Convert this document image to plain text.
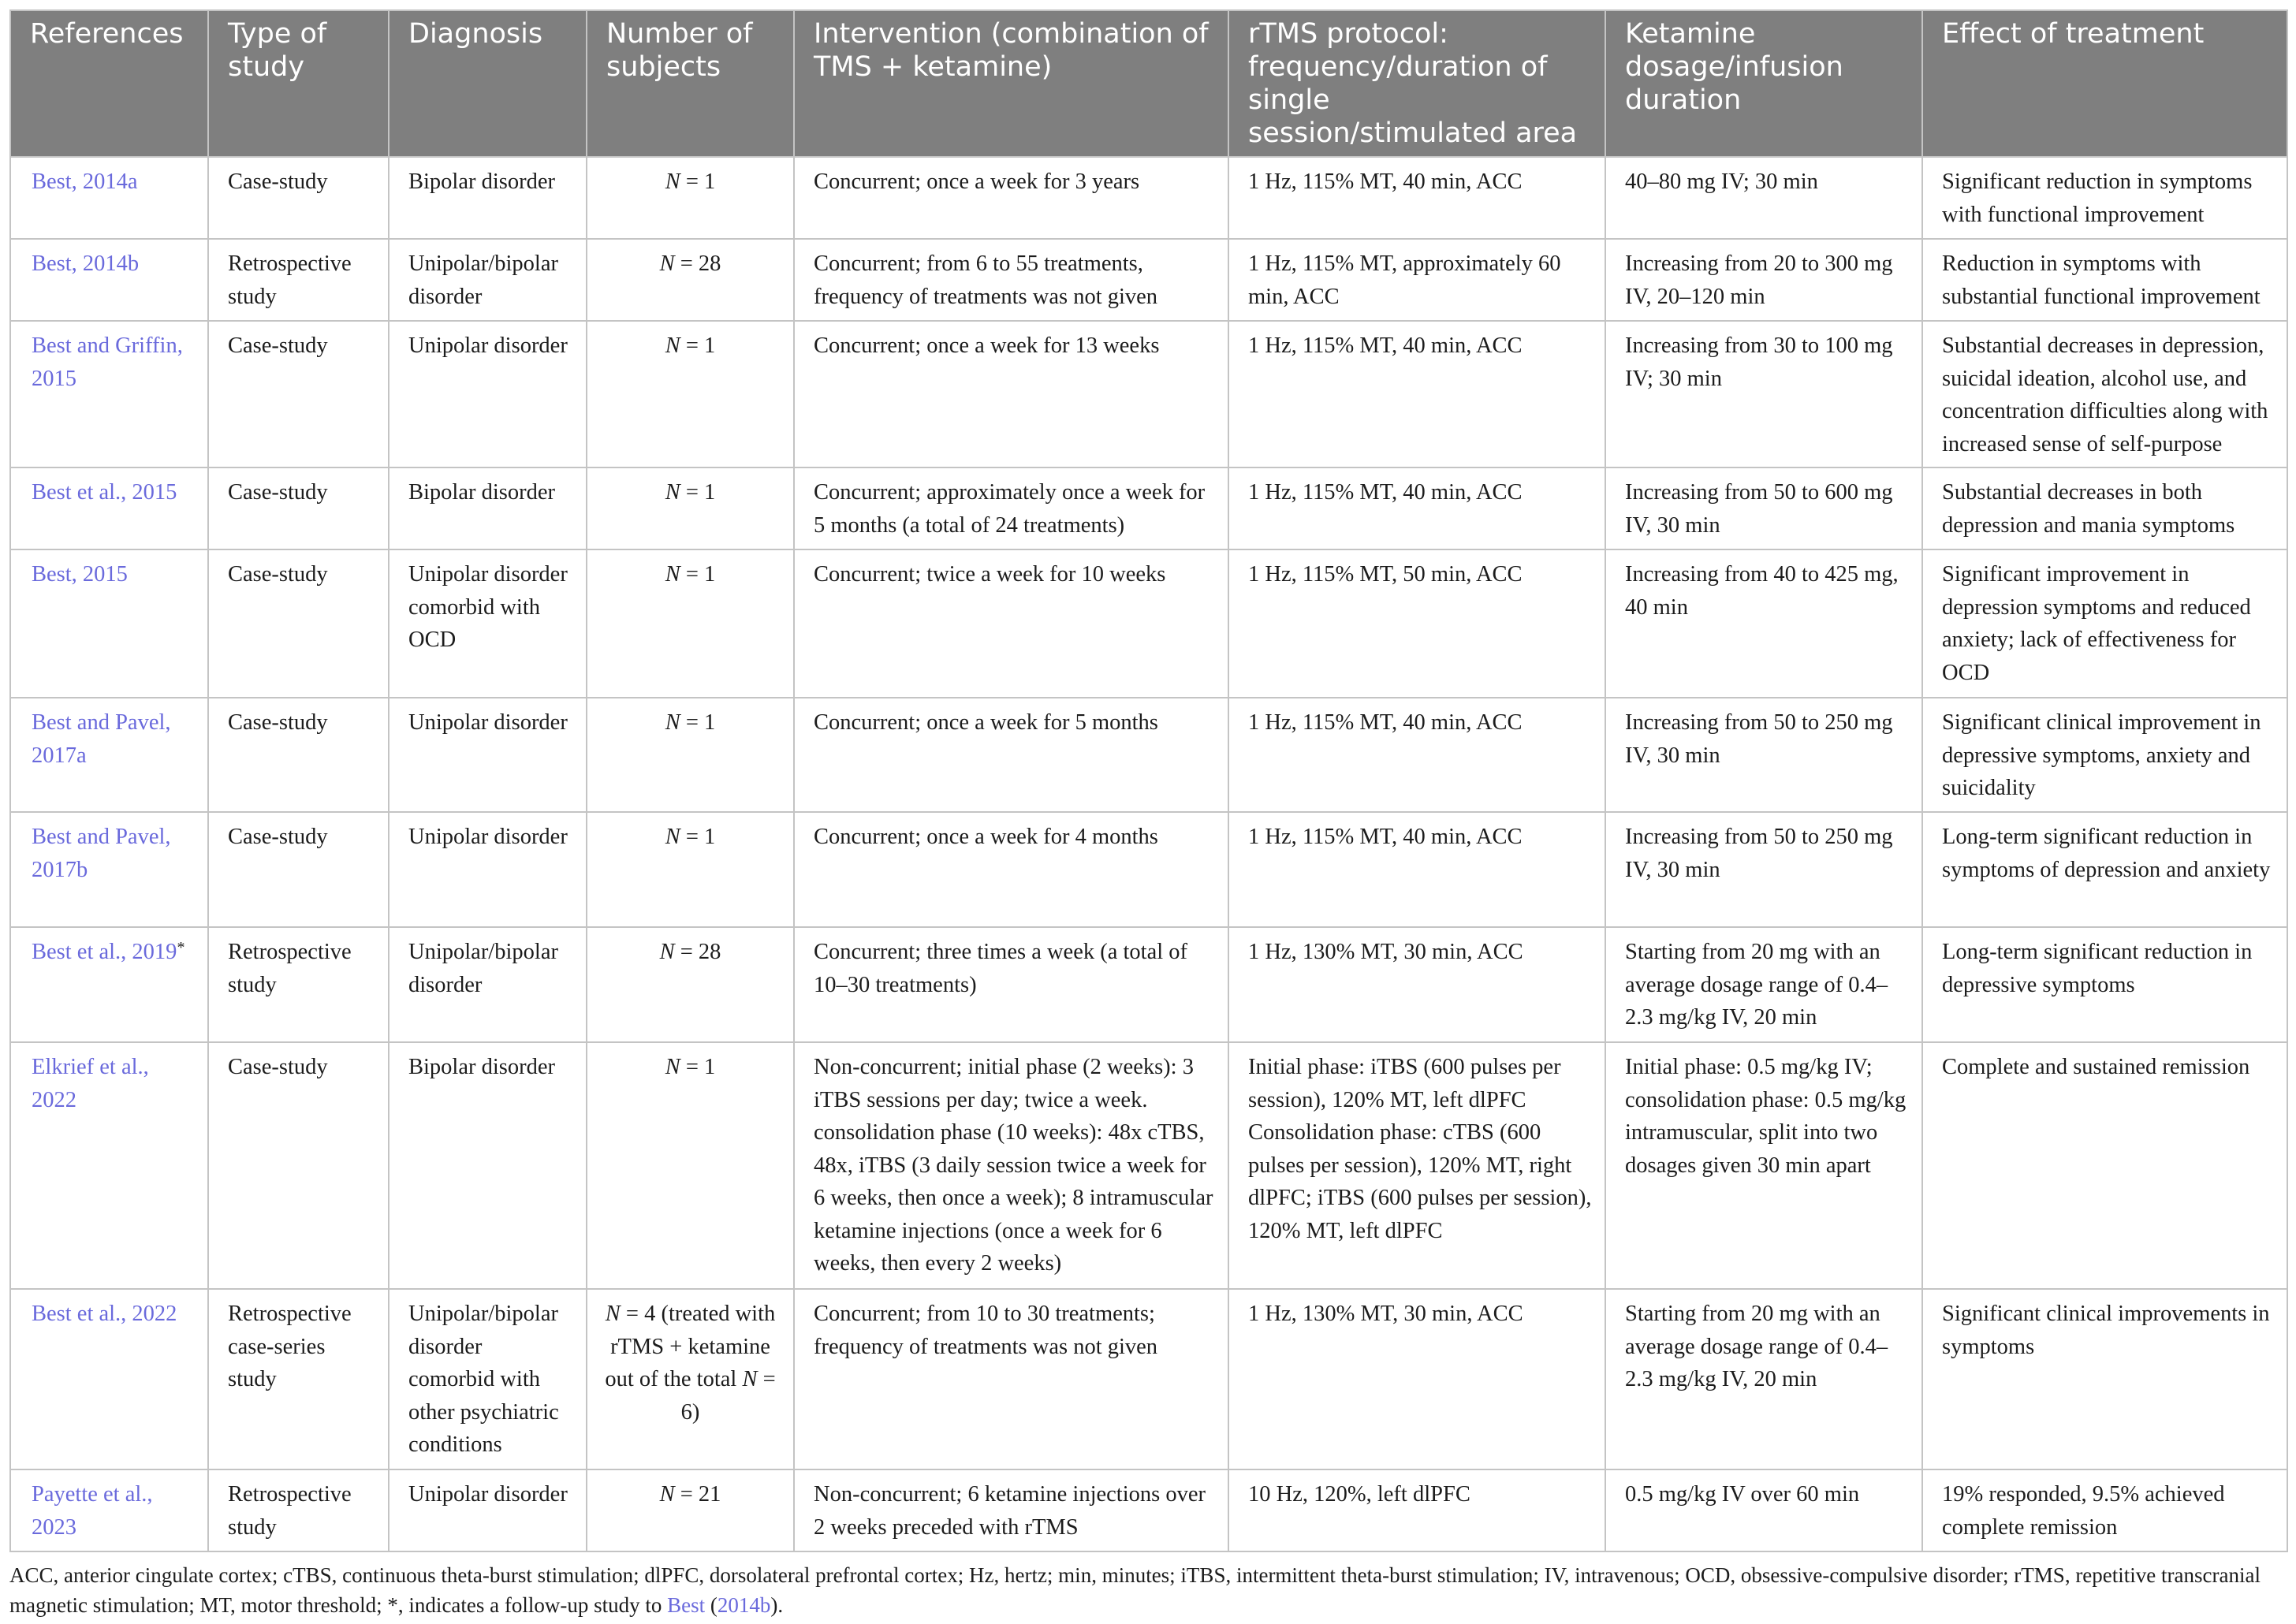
References	Type of study	Diagnosis	Number of subjects	Intervention (combination of TMS + ketamine)	rTMS protocol: frequency/duration of single session/stimulated area	Ketamine dosage/infusion duration	Effect of treatment
Best, 2014a	Case-study	Bipolar disorder	N = 1	Concurrent; once a week for 3 years	1 Hz, 115% MT, 40 min, ACC	40–80 mg IV; 30 min	Significant reduction in symptoms with functional improvement
Best, 2014b	Retrospective study	Unipolar/bipolar disorder	N = 28	Concurrent; from 6 to 55 treatments, frequency of treatments was not given	1 Hz, 115% MT, approximately 60 min, ACC	Increasing from 20 to 300 mg IV, 20–120 min	Reduction in symptoms with substantial functional improvement
Best and Griffin, 2015	Case-study	Unipolar disorder	N = 1	Concurrent; once a week for 13 weeks	1 Hz, 115% MT, 40 min, ACC	Increasing from 30 to 100 mg IV; 30 min	Substantial decreases in depression, suicidal ideation, alcohol use, and concentration difficulties along with increased sense of self-purpose
Best et al., 2015	Case-study	Bipolar disorder	N = 1	Concurrent; approximately once a week for 5 months (a total of 24 treatments)	1 Hz, 115% MT, 40 min, ACC	Increasing from 50 to 600 mg IV, 30 min	Substantial decreases in both depression and mania symptoms
Best, 2015	Case-study	Unipolar disorder comorbid with OCD	N = 1	Concurrent; twice a week for 10 weeks	1 Hz, 115% MT, 50 min, ACC	Increasing from 40 to 425 mg, 40 min	Significant improvement in depression symptoms and reduced anxiety; lack of effectiveness for OCD
Best and Pavel, 2017a	Case-study	Unipolar disorder	N = 1	Concurrent; once a week for 5 months	1 Hz, 115% MT, 40 min, ACC	Increasing from 50 to 250 mg IV, 30 min	Significant clinical improvement in depressive symptoms, anxiety and suicidality
Best and Pavel, 2017b	Case-study	Unipolar disorder	N = 1	Concurrent; once a week for 4 months	1 Hz, 115% MT, 40 min, ACC	Increasing from 50 to 250 mg IV, 30 min	Long-term significant reduction in symptoms of depression and anxiety
Best et al., 2019*	Retrospective study	Unipolar/bipolar disorder	N = 28	Concurrent; three times a week (a total of 10–30 treatments)	1 Hz, 130% MT, 30 min, ACC	Starting from 20 mg with an average dosage range of 0.4–2.3 mg/kg IV, 20 min	Long-term significant reduction in depressive symptoms
Elkrief et al., 2022	Case-study	Bipolar disorder	N = 1	Non-concurrent; initial phase (2 weeks): 3 iTBS sessions per day; twice a week. consolidation phase (10 weeks): 48x cTBS, 48x, iTBS (3 daily session twice a week for 6 weeks, then once a week); 8 intramuscular ketamine injections (once a week for 6 weeks, then every 2 weeks)	Initial phase: iTBS (600 pulses per session), 120% MT, left dlPFC Consolidation phase: cTBS (600 pulses per session), 120% MT, right dlPFC; iTBS (600 pulses per session), 120% MT, left dlPFC	Initial phase: 0.5 mg/kg IV; consolidation phase: 0.5 mg/kg intramuscular, split into two dosages given 30 min apart	Complete and sustained remission
Best et al., 2022	Retrospective case-series study	Unipolar/bipolar disorder comorbid with other psychiatric conditions	N = 4 (treated with rTMS + ketamine out of the total N = 6)	Concurrent; from 10 to 30 treatments; frequency of treatments was not given	1 Hz, 130% MT, 30 min, ACC	Starting from 20 mg with an average dosage range of 0.4–2.3 mg/kg IV, 20 min	Significant clinical improvements in symptoms
Payette et al., 2023	Retrospective study	Unipolar disorder	N = 21	Non-concurrent; 6 ketamine injections over 2 weeks preceded with rTMS	10 Hz, 120%, left dlPFC	0.5 mg/kg IV over 60 min	19% responded, 9.5% achieved complete remission
ACC, anterior cingulate cortex; cTBS, continuous theta-burst stimulation; dlPFC, dorsolateral prefrontal cortex; Hz, hertz; min, minutes; iTBS, intermittent theta-burst stimulation; IV, intravenous; OCD, obsessive-compulsive disorder; rTMS, repetitive transcranial magnetic stimulation; MT, motor threshold; *, indicates a follow-up study to Best (2014b).
